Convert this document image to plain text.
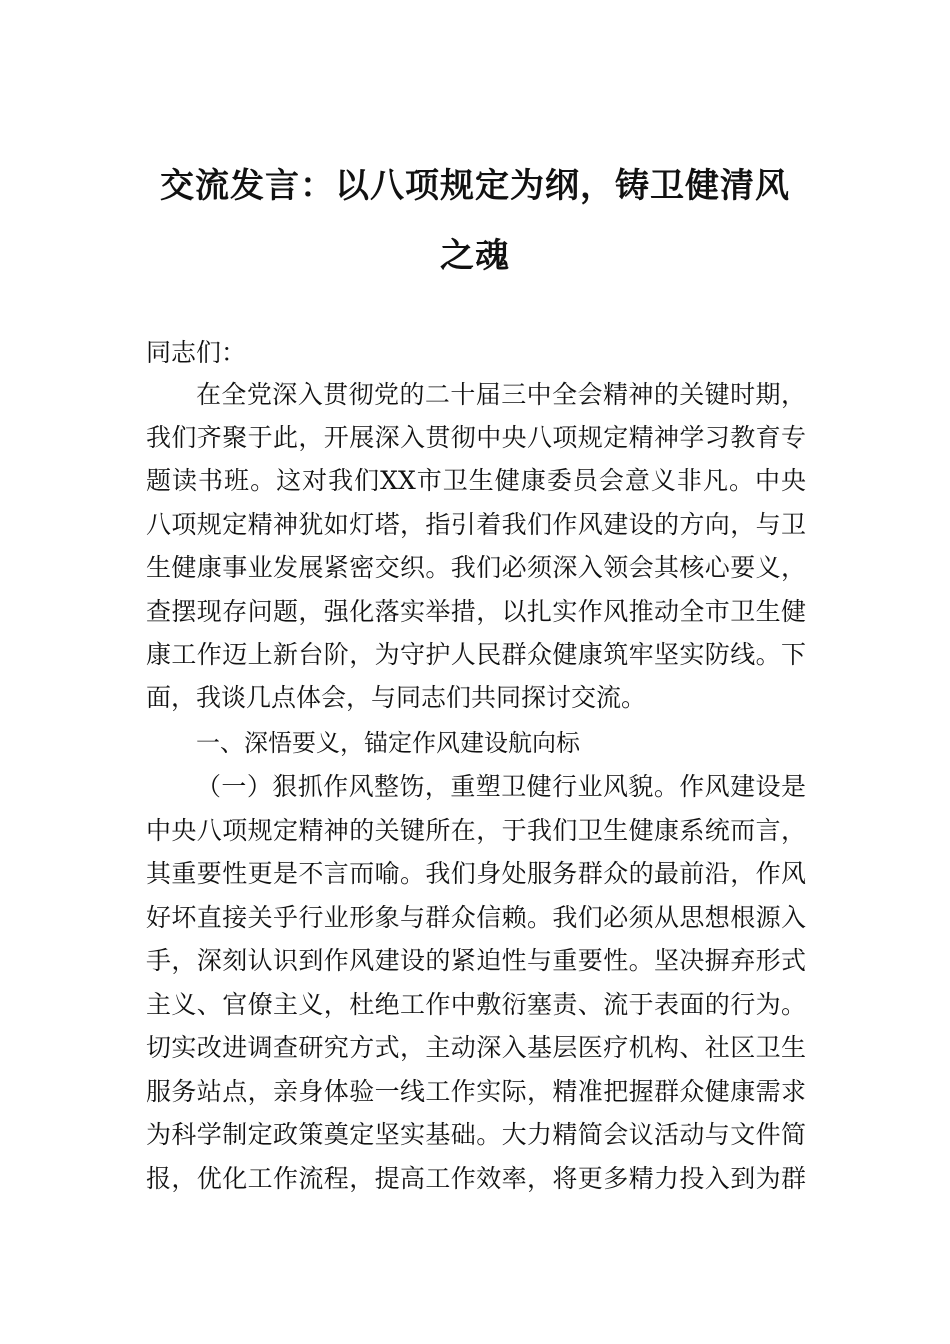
交流发言：以八项规定为纲，铸卫健清风
之魂
同志们：
在全党深入贯彻党的二十届三中全会精神的关键时期，
我们齐聚于此，开展深入贯彻中央八项规定精神学习教育专
题读书班。这对我们XX市卫生健康委员会意义非凡。中央
八项规定精神犹如灯塔，指引着我们作风建设的方向，与卫
生健康事业发展紧密交织。我们必须深入领会其核心要义，
查摆现存问题，强化落实举措，以扎实作风推动全市卫生健
康工作迈上新台阶，为守护人民群众健康筑牢坚实防线。下
面，我谈几点体会，与同志们共同探讨交流。
一、深悟要义，锚定作风建设航向标
（一）狠抓作风整饬，重塑卫健行业风貌。作风建设是
中央八项规定精神的关键所在，于我们卫生健康系统而言，
其重要性更是不言而喻。我们身处服务群众的最前沿，作风
好坏直接关乎行业形象与群众信赖。我们必须从思想根源入
手，深刻认识到作风建设的紧迫性与重要性。坚决摒弃形式
主义、官僚主义，杜绝工作中敷衍塞责、流于表面的行为。
切实改进调查研究方式，主动深入基层医疗机构、社区卫生
服务站点，亲身体验一线工作实际，精准把握群众健康需求
为科学制定政策奠定坚实基础。大力精简会议活动与文件简
报，优化工作流程，提高工作效率，将更多精力投入到为群
